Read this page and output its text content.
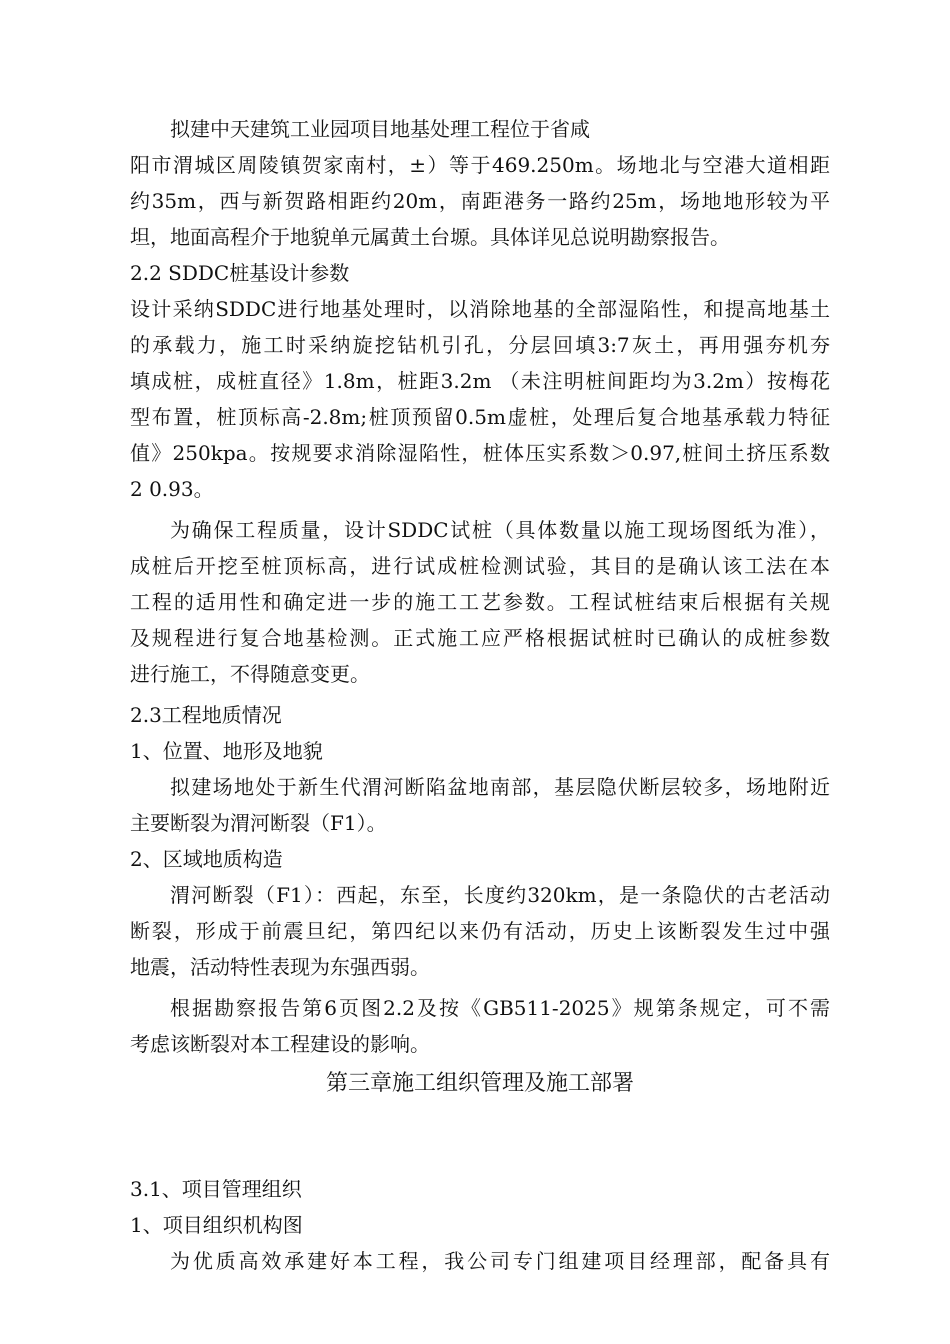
拟建中天建筑工业园项目地基处理工程位于省咸
阳市渭城区周陵镇贺家南村，±）等于469.250m。场地北与空港大道相距
约35m，西与新贺路相距约20m，南距港务一路约25m，场地地形较为平
坦，地面高程介于地貌单元属黄土台塬。具体详见总说明勘察报告。
2.2 SDDC桩基设计参数
设计采纳SDDC进行地基处理时，以消除地基的全部湿陷性，和提高地基土
的承载力，施工时采纳旋挖钻机引孔，分层回填3:7灰土，再用强夯机夯
填成桩，成桩直径》1.8m，桩距3.2m （未注明桩间距均为3.2m）按梅花
型布置，桩顶标高-2.8m;桩顶预留0.5m虚桩，处理后复合地基承载力特征
值》250kpa。按规要求消除湿陷性，桩体压实系数＞0.97,桩间土挤压系数
2 0.93。
为确保工程质量，设计SDDC试桩（具体数量以施工现场图纸为准），
成桩后开挖至桩顶标高，进行试成桩检测试验，其目的是确认该工法在本
工程的适用性和确定进一步的施工工艺参数。工程试桩结束后根据有关规
及规程进行复合地基检测。正式施工应严格根据试桩时已确认的成桩参数
进行施工，不得随意变更。
2.3工程地质情况
1、位置、地形及地貌
拟建场地处于新生代渭河断陷盆地南部，基层隐伏断层较多，场地附近
主要断裂为渭河断裂（F1）。
2、区域地质构造
渭河断裂（F1）：西起，东至，长度约320km，是一条隐伏的古老活动
断裂，形成于前震旦纪，第四纪以来仍有活动，历史上该断裂发生过中强
地震，活动特性表现为东强西弱。
根据勘察报告第6页图2.2及按《GB511-2025》规第条规定，可不需
考虑该断裂对本工程建设的影响。
第三章施工组织管理及施工部署
3.1、项目管理组织
1、项目组织机构图
为优质高效承建好本工程，我公司专门组建项目经理部，配备具有
